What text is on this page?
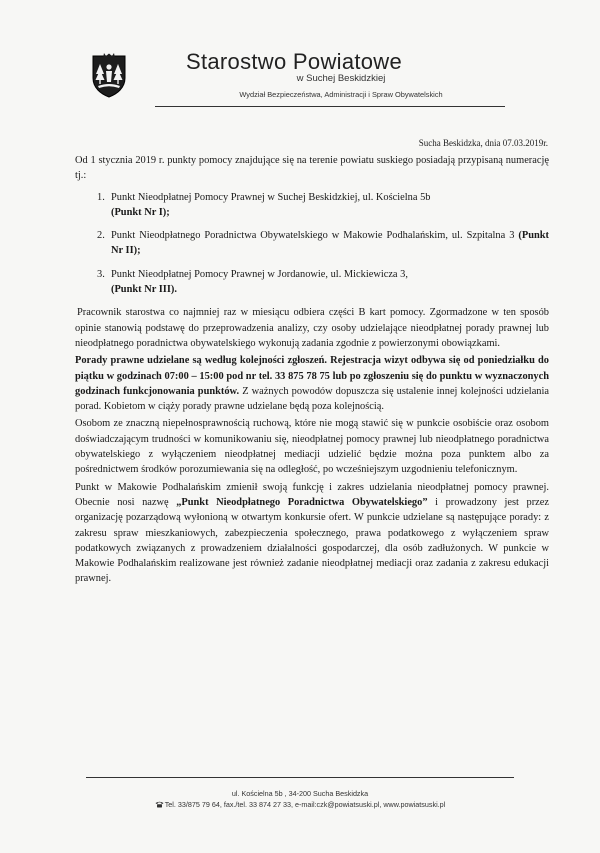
Starostwo Powiatowe
w Suchej Beskidzkiej
Wydział Bezpieczeństwa, Administracji i Spraw Obywatelskich
Sucha Beskidzka, dnia 07.03.2019r.

Od 1 stycznia 2019 r. punkty pomocy znajdujące się na terenie powiatu suskiego posiadają przypisaną numerację tj.:

1. Punkt Nieodpłatnej Pomocy Prawnej w Suchej Beskidzkiej, ul. Kościelna 5b
(Punkt Nr I);
2. Punkt Nieodpłatnego Poradnictwa Obywatelskiego w Makowie Podhalańskim, ul. Szpitalna 3 (Punkt Nr II);
3. Punkt Nieodpłatnej Pomocy Prawnej w Jordanowie, ul. Mickiewicza 3,
(Punkt Nr III).

Pracownik starostwa co najmniej raz w miesiącu odbiera części B kart pomocy. Zgormadzone w ten sposób opinie stanowią podstawę do przeprowadzenia analizy, czy osoby udzielające nieodpłatnej porady prawnej lub nieodpłatnego poradnictwa obywatelskiego wykonują zadania zgodnie z powierzonymi obowiązkami.

Porady prawne udzielane są według kolejności zgłoszeń. Rejestracja wizyt odbywa się od poniedziałku do piątku w godzinach 07:00 – 15:00 pod nr tel. 33 875 78 75 lub po zgłoszeniu się do punktu w wyznaczonych godzinach funkcjonowania punktów. Z ważnych powodów dopuszcza się ustalenie innej kolejności udzielania porad. Kobietom w ciąży porady prawne udzielane będą poza kolejnością.

Osobom ze znaczną niepełnosprawnością ruchową, które nie mogą stawić się w punkcie osobiście oraz osobom doświadczającym trudności w komunikowaniu się, nieodpłatnej pomocy prawnej lub nieodpłatnego poradnictwa obywatelskiego z wyłączeniem nieodpłatnej mediacji udzielić będzie można poza punktem albo za pośrednictwem środków porozumiewania się na odległość, po wcześniejszym uzgodnieniu telefonicznym.

Punkt w Makowie Podhalańskim zmienił swoją funkcję i zakres udzielania nieodpłatnej pomocy prawnej. Obecnie nosi nazwę „Punkt Nieodpłatnego Poradnictwa Obywatelskiego” i prowadzony jest przez organizację pozarządową wyłonioną w otwartym konkursie ofert. W punkcie udzielane są następujące porady: z zakresu spraw mieszkaniowych, zabezpieczenia społecznego, prawa podatkowego z wyłączeniem spraw podatkowych związanych z prowadzeniem działalności gospodarczej, dla osób zadłużonych. W punkcie w Makowie Podhalańskim realizowane jest również zadanie nieodpłatnej mediacji oraz zadania z zakresu edukacji prawnej.

ul. Kościelna 5b , 34-200 Sucha Beskidzka
Tel. 33/875 79 64, fax./tel. 33 874 27 33, e-mail:czk@powiatsuski.pl, www.powiatsuski.pl
